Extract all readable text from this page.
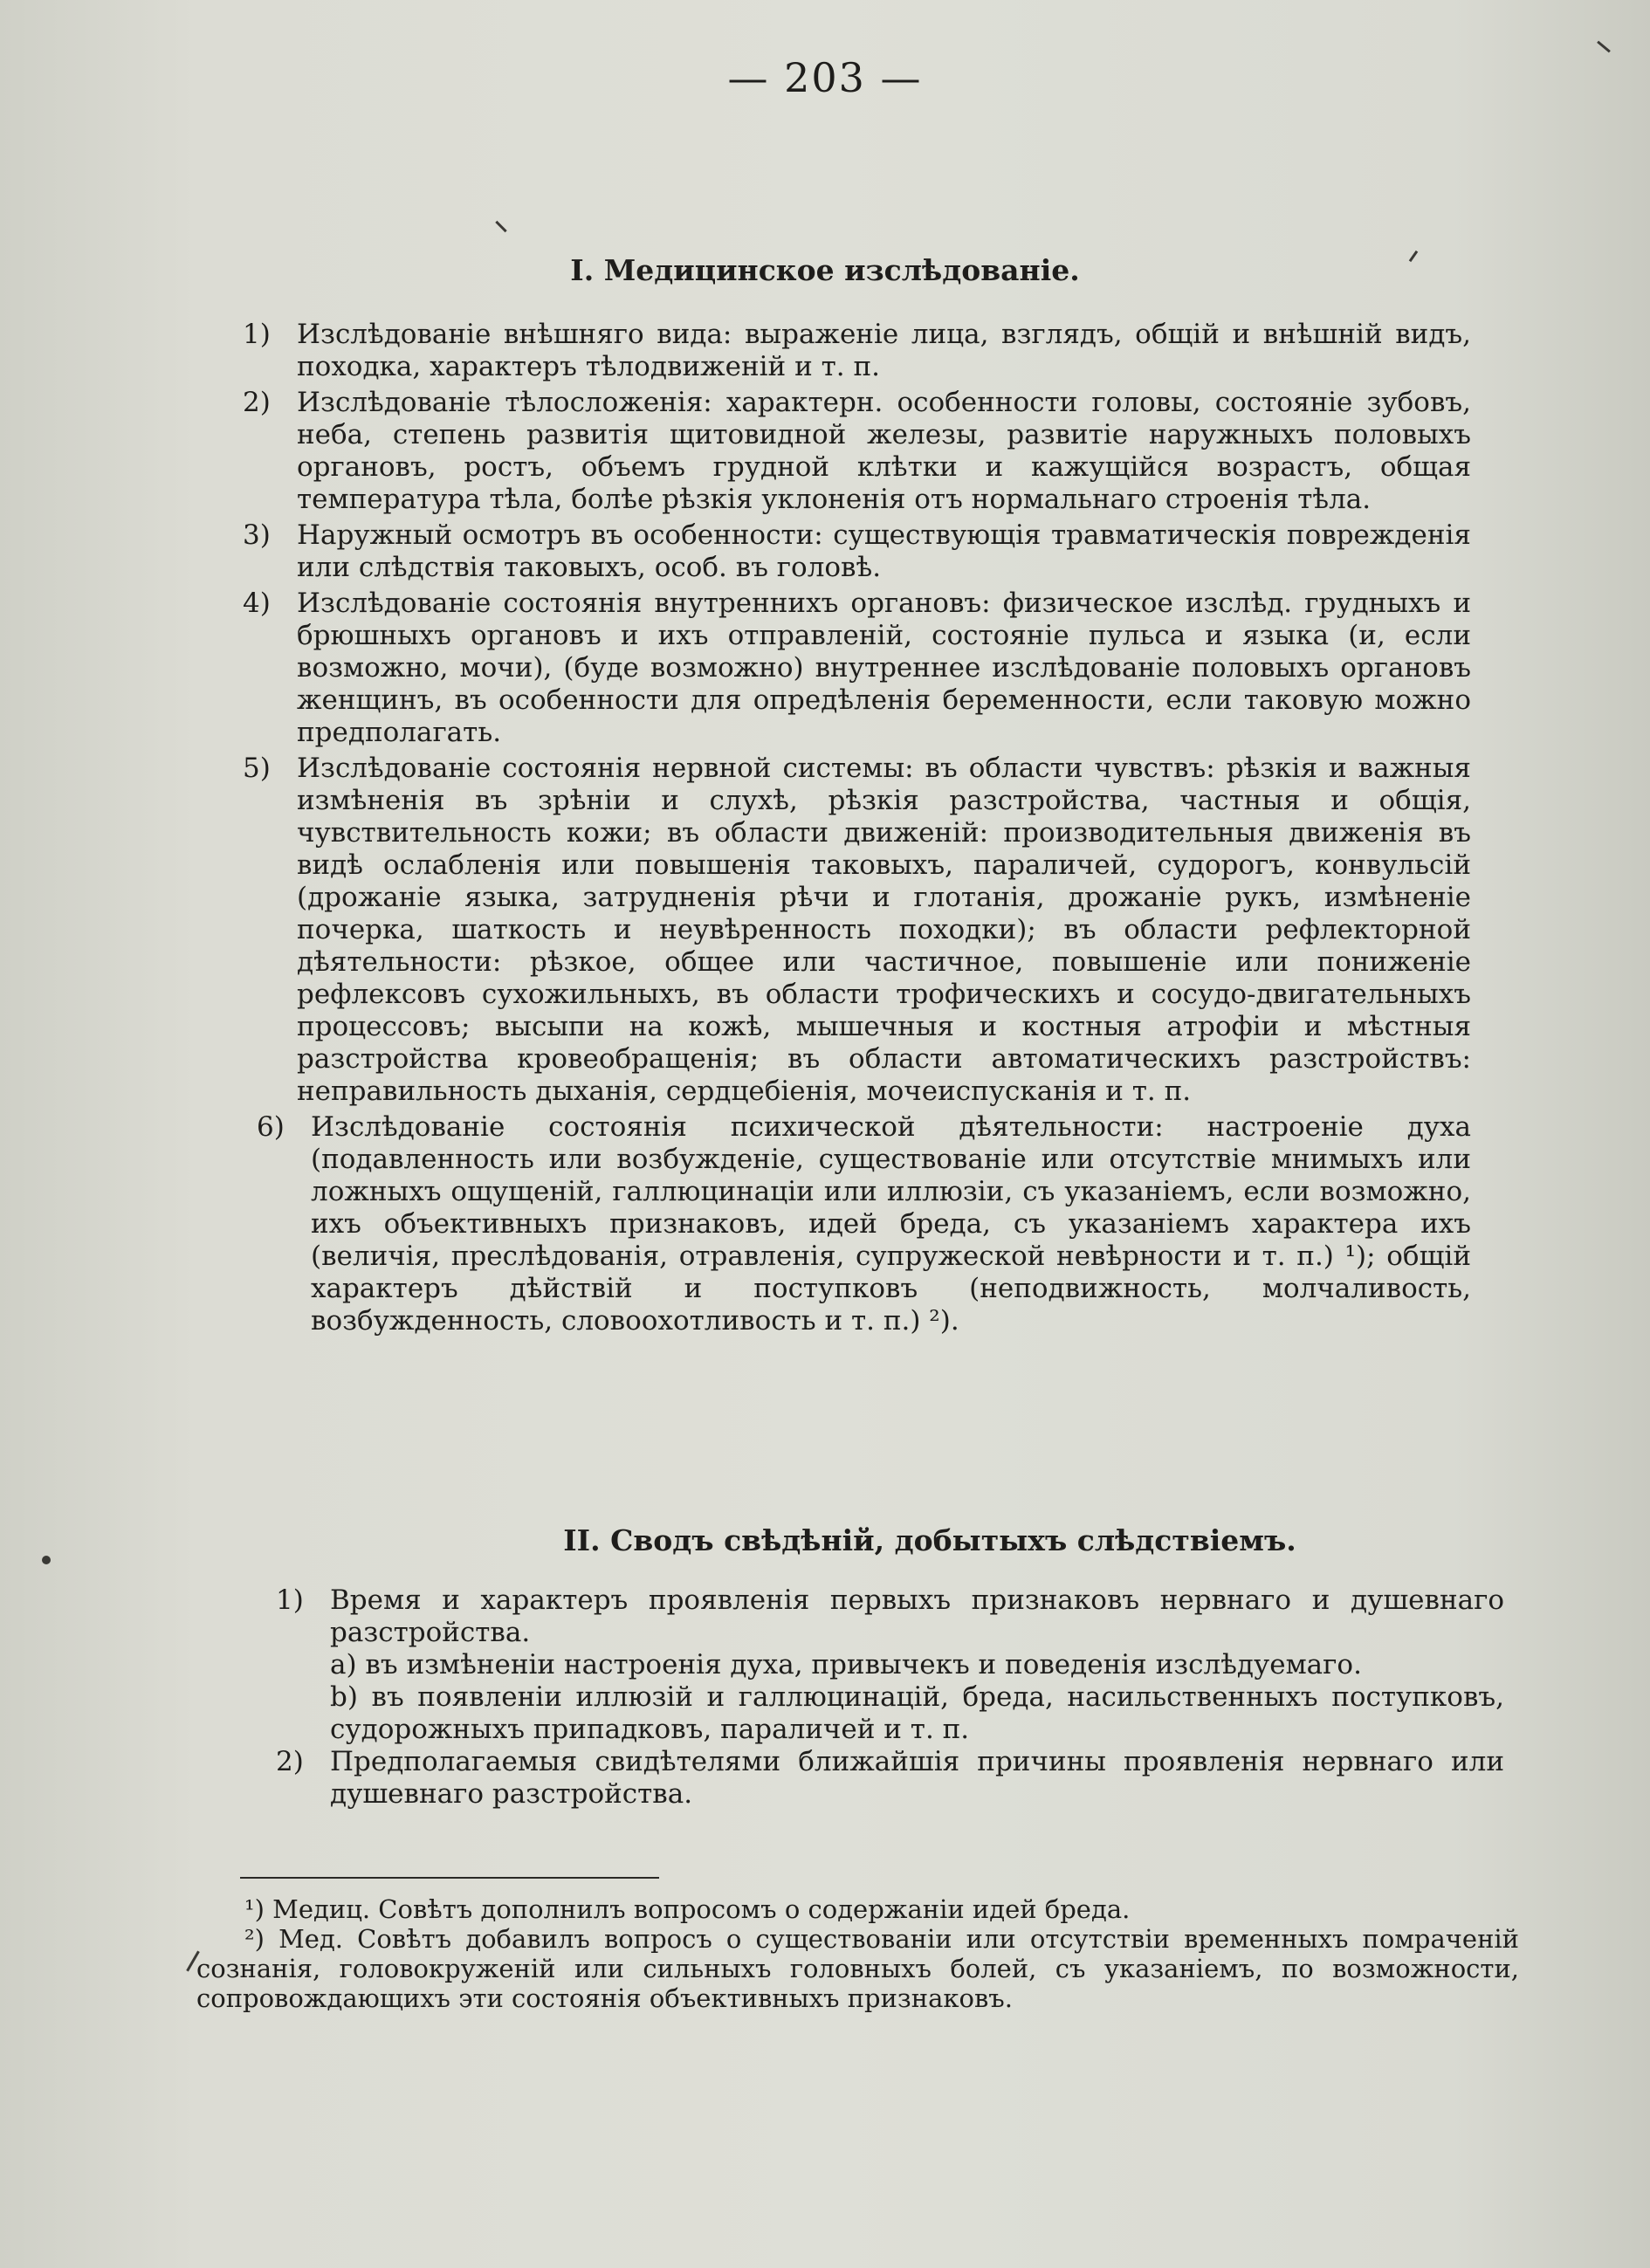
— 203 —
I. Медицинское изслѣдованіе.
1) Изслѣдованіе внѣшняго вида: выраженіе лица, взглядъ, общій и внѣшній видъ, походка, характеръ тѣлодвиженій и т. п.
2) Изслѣдованіе тѣлосложенія: характерн. особенности головы, состояніе зубовъ, неба, степень развитія щитовидной железы, развитіе наружныхъ половыхъ органовъ, ростъ, объемъ грудной клѣтки и кажущійся возрастъ, общая температура тѣла, болѣе рѣзкія уклоненія отъ нормальнаго строенія тѣла.
3) Наружный осмотръ въ особенности: существующія травматическія поврежденія или слѣдствія таковыхъ, особ. въ головѣ.
4) Изслѣдованіе состоянія внутреннихъ органовъ: физическое изслѣд. грудныхъ и брюшныхъ органовъ и ихъ отправленій, состояніе пульса и языка (и, если возможно, мочи), (буде возможно) внутреннее изслѣдованіе половыхъ органовъ женщинъ, въ особенности для опредѣленія беременности, если таковую можно предполагать.
5) Изслѣдованіе состоянія нервной системы: въ области чувствъ: рѣзкія и важныя измѣненія въ зрѣніи и слухѣ, рѣзкія разстройства, частныя и общія, чувствительность кожи; въ области движеній: производительныя движенія въ видѣ ослабленія или повышенія таковыхъ, параличей, судорогъ, конвульсій (дрожаніе языка, затрудненія рѣчи и глотанія, дрожаніе рукъ, измѣненіе почерка, шаткость и неувѣренность походки); въ области рефлекторной дѣятельности: рѣзкое, общее или частичное, повышеніе или пониженіе рефлексовъ сухожильныхъ, въ области трофическихъ и сосудо-двигательныхъ процессовъ; высыпи на кожѣ, мышечныя и костныя атрофіи и мѣстныя разстройства кровеобращенія; въ области автоматическихъ разстройствъ: неправильность дыханія, сердцебіенія, мочеиспусканія и т. п.
6) Изслѣдованіе состоянія психической дѣятельности: настроеніе духа (подавленность или возбужденіе, существованіе или отсутствіе мнимыхъ или ложныхъ ощущеній, галлюцинаціи или иллюзіи, съ указаніемъ, если возможно, ихъ объективныхъ признаковъ, идей бреда, съ указаніемъ характера ихъ (величія, преслѣдованія, отравленія, супружеской невѣрности и т. п.) ¹); общій характеръ дѣйствій и поступковъ (неподвижность, молчаливость, возбужденность, словоохотливость и т. п.) ²).
II. Сводъ свѣдѣній, добытыхъ слѣдствіемъ.
1) Время и характеръ проявленія первыхъ признаковъ нервнаго и душевнаго разстройства.
a) въ измѣненіи настроенія духа, привычекъ и поведенія изслѣдуемаго.
b) въ появленіи иллюзій и галлюцинацій, бреда, насильственныхъ поступковъ, судорожныхъ припадковъ, параличей и т. п.
2) Предполагаемыя свидѣтелями ближайшія причины проявленія нервнаго или душевнаго разстройства.

¹) Медиц. Совѣтъ дополнилъ вопросомъ о содержаніи идей бреда.

²) Мед. Совѣтъ добавилъ вопросъ о существованіи или отсутствіи временныхъ помраченій сознанія, головокруженій или сильныхъ головныхъ болей, съ указаніемъ, по возможности, сопровождающихъ эти состоянія объективныхъ признаковъ.
